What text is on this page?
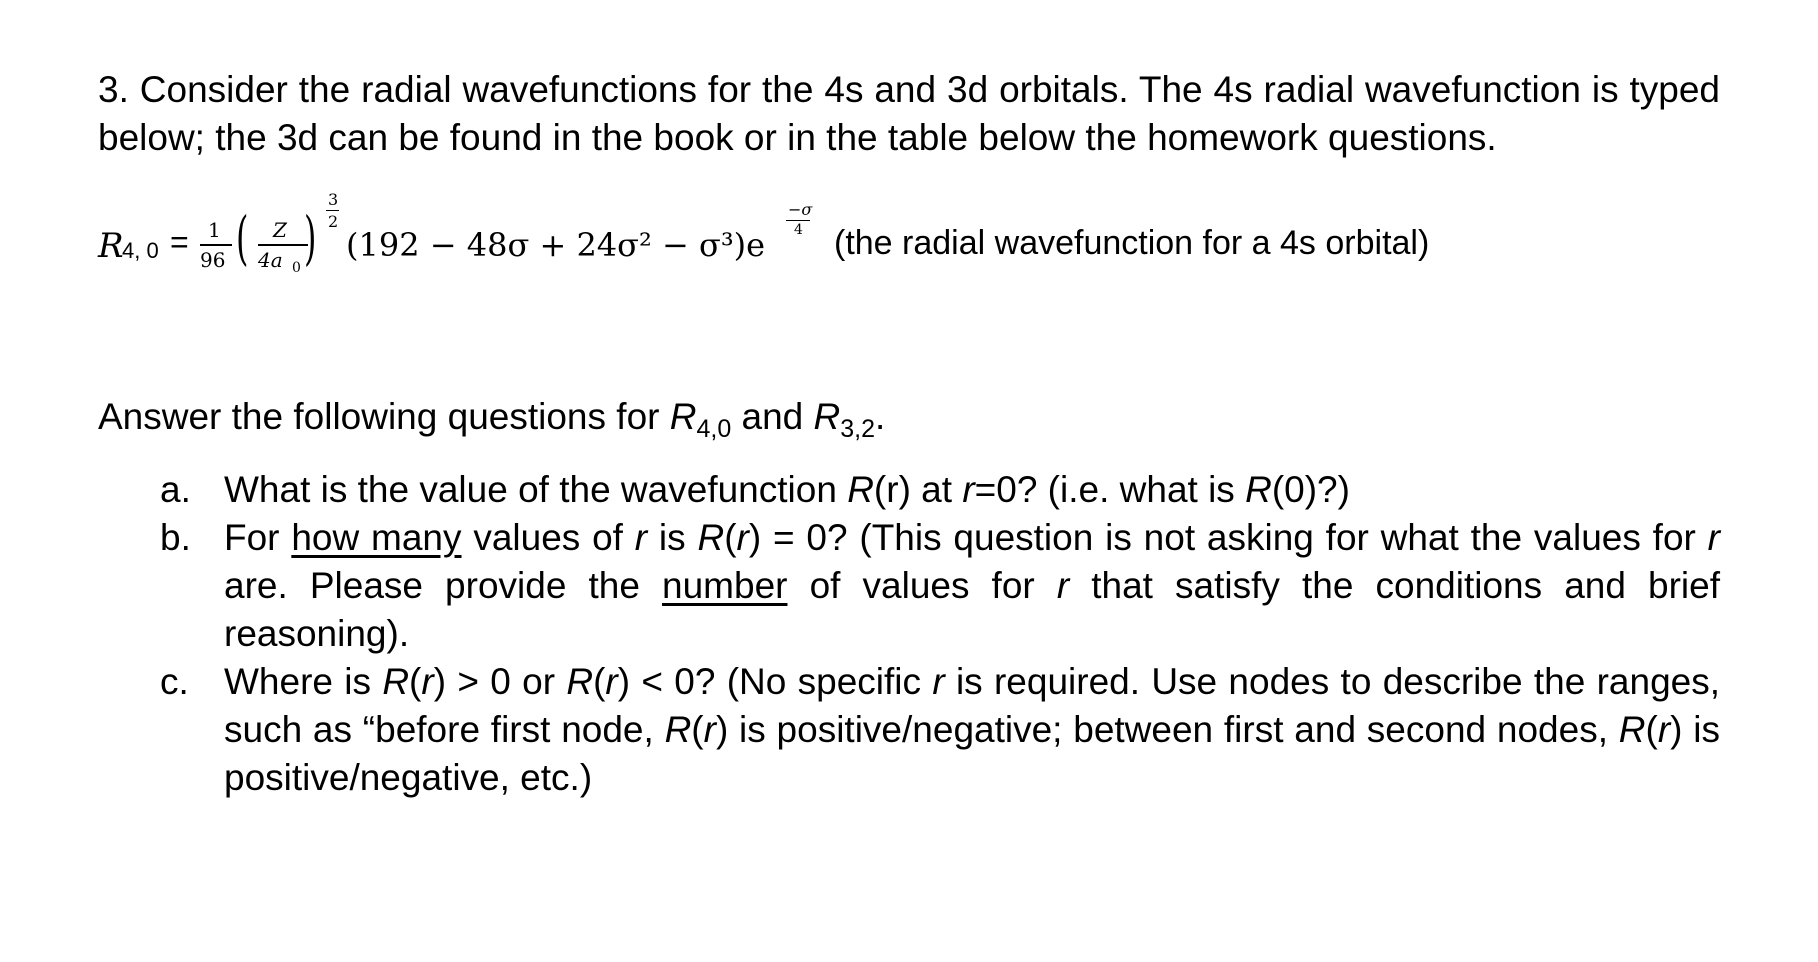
3. Consider the radial wavefunctions for the 4s and 3d orbitals. The 4s radial wavefunction is typed below; the 3d can be found in the book or in the table below the homework questions.

R
4, 0 = 1
96 ( Z
4a 0 )
3
2
(192 − 48σ + 24σ² − σ³)e
−σ
4 (the radial wavefunction for a 4s orbital)

Answer the following questions for $R_{4,0}$ and $R_{3,2}$.

a. What is the value of the wavefunction R(r) at r=0? (i.e. what is R(0)?)

b. For how many values of r is R(r) = 0? (This question is not asking for what the values for r are. Please provide the number of values for r that satisfy the conditions and brief reasoning).

c. Where is R(r) > 0 or R(r) < 0? (No specific r is required. Use nodes to describe the ranges, such as “before first node, R(r) is positive/negative; between first and second nodes, R(r) is positive/negative, etc.)
